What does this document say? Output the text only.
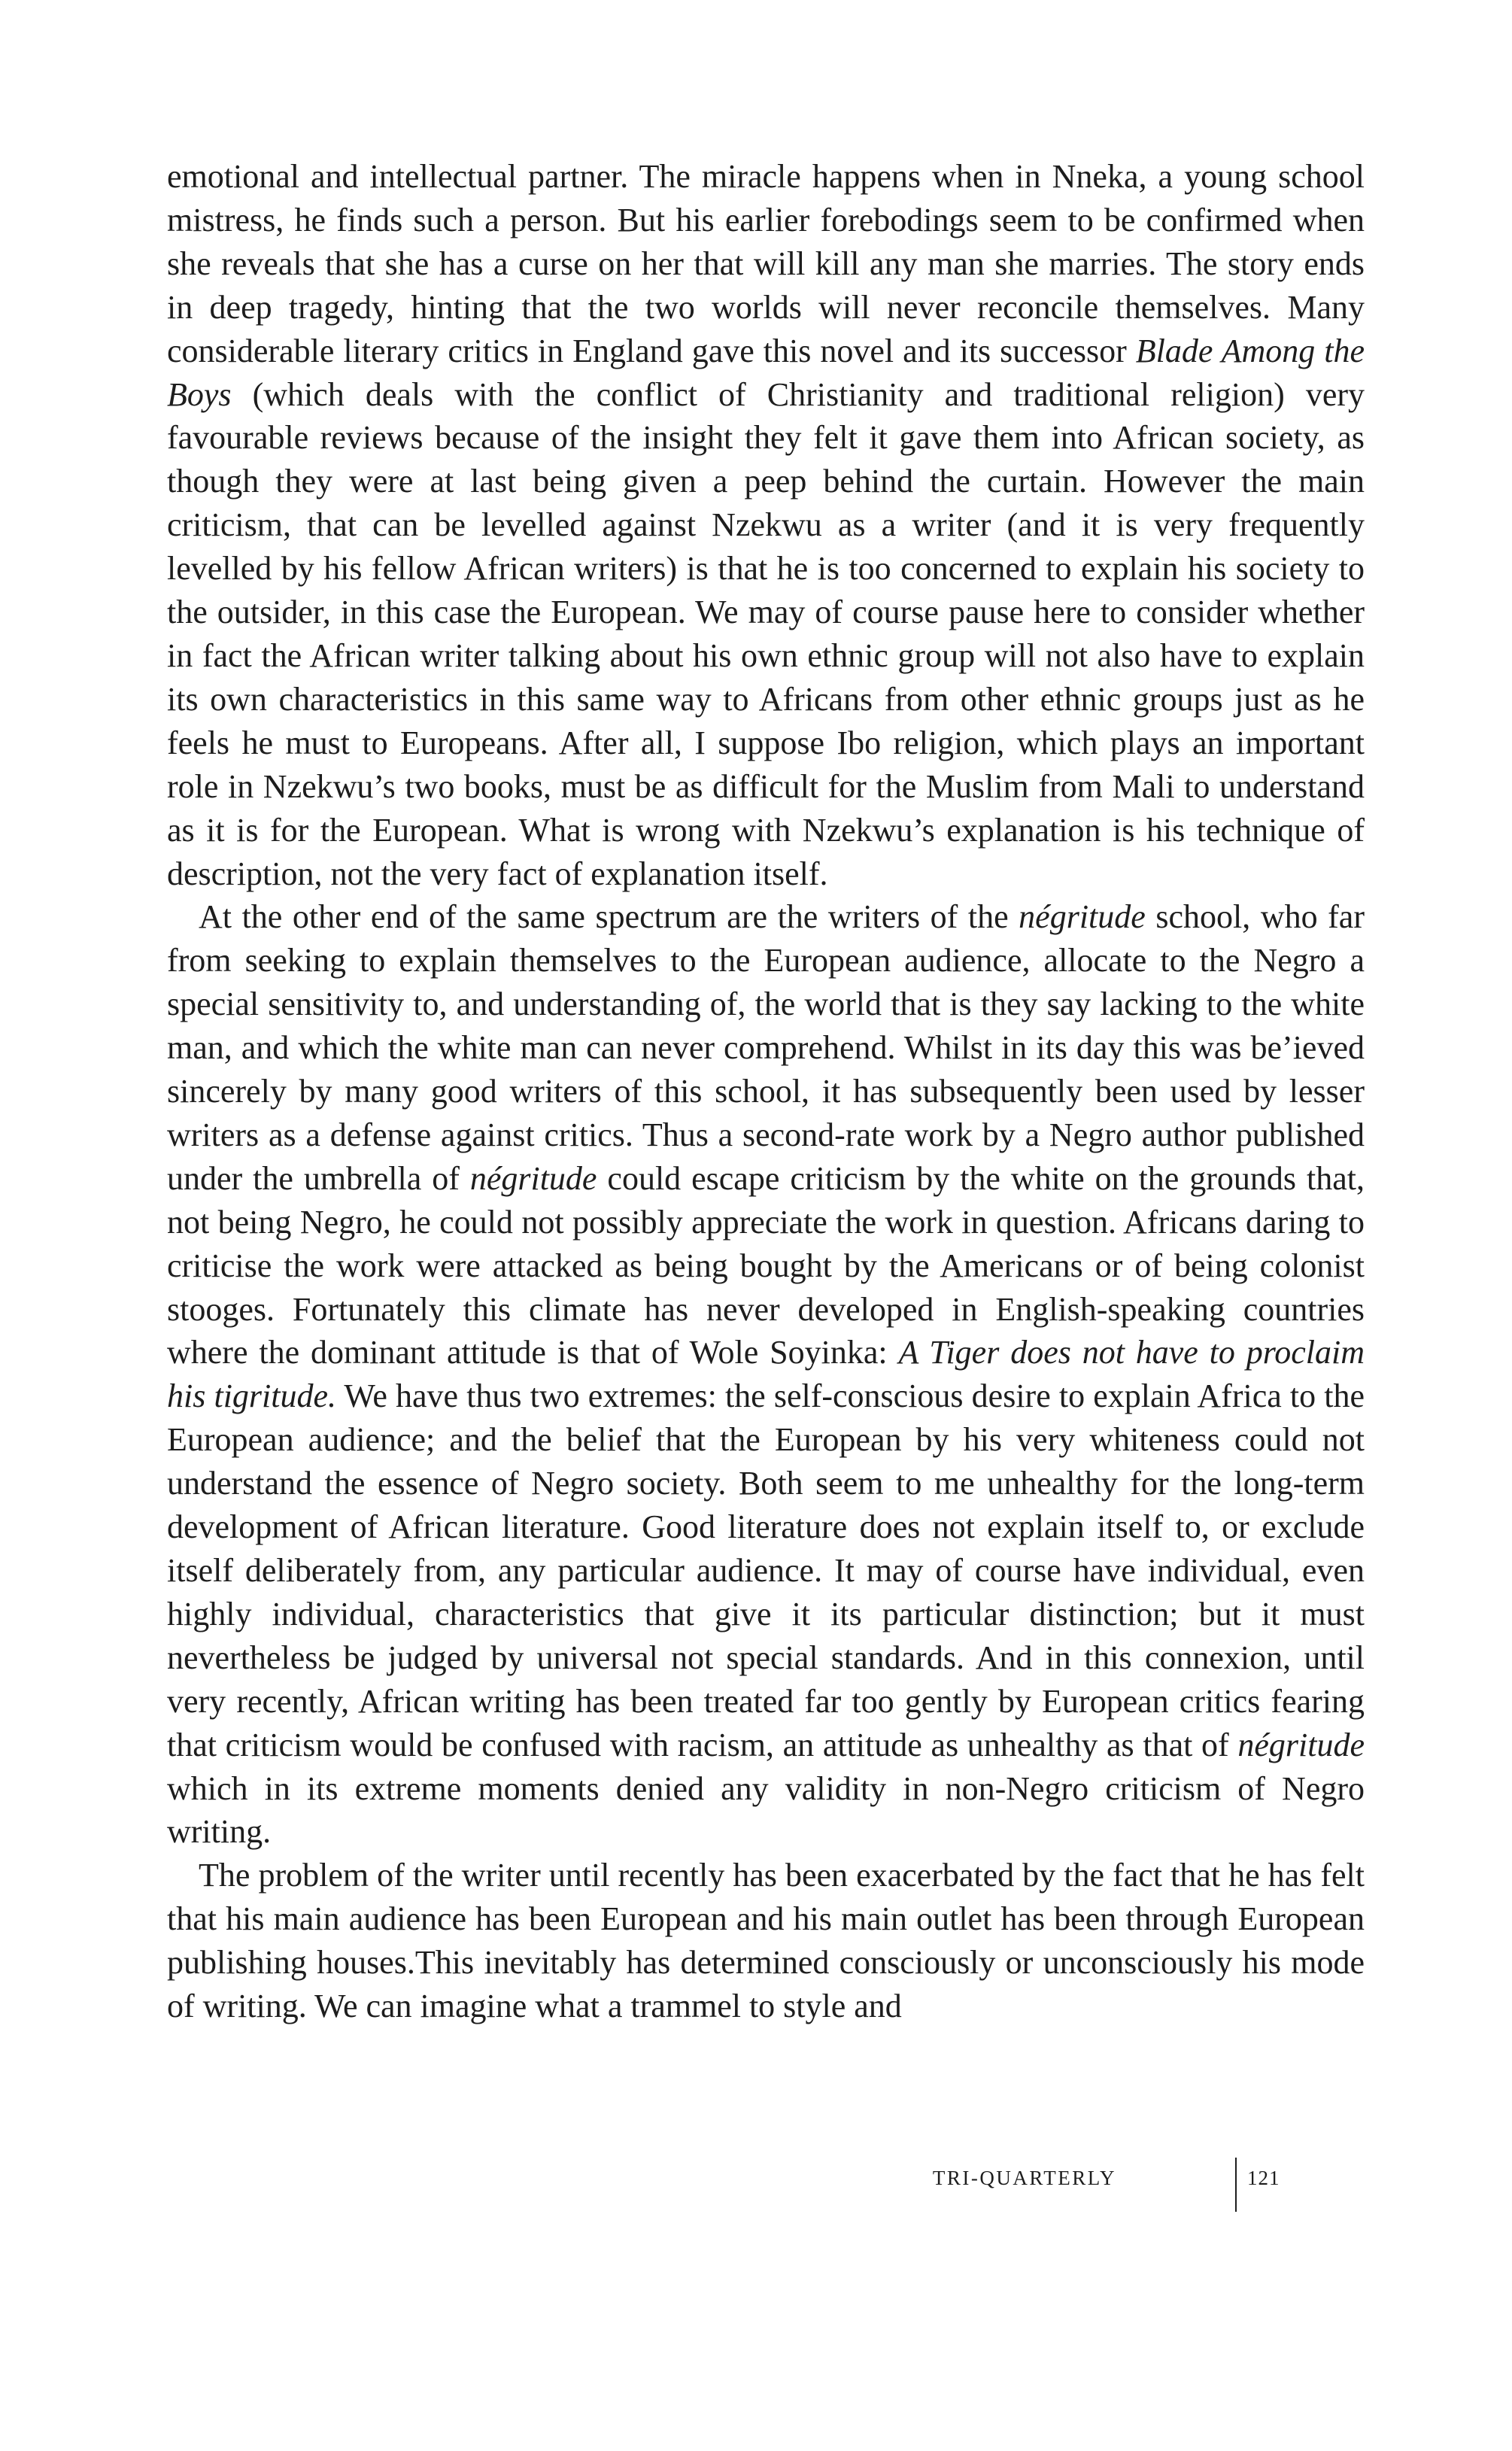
emotional and intellectual partner. The miracle happens when in Nneka, a young school mistress, he finds such a person. But his earlier forebodings seem to be confirmed when she reveals that she has a curse on her that will kill any man she marries. The story ends in deep tragedy, hinting that the two worlds will never reconcile themselves. Many considerable literary critics in England gave this novel and its successor Blade Among the Boys (which deals with the conflict of Christianity and traditional religion) very favourable reviews because of the insight they felt it gave them into African society, as though they were at last being given a peep behind the curtain. However the main criticism, that can be levelled against Nzekwu as a writer (and it is very frequently levelled by his fellow African writers) is that he is too concerned to explain his society to the outsider, in this case the European. We may of course pause here to consider whether in fact the African writer talking about his own ethnic group will not also have to explain its own characteristics in this same way to Africans from other ethnic groups just as he feels he must to Europeans. After all, I suppose Ibo religion, which plays an important role in Nzekwu’s two books, must be as difficult for the Muslim from Mali to understand as it is for the European. What is wrong with Nzekwu’s explanation is his technique of description, not the very fact of explanation itself.

At the other end of the same spectrum are the writers of the négritude school, who far from seeking to explain themselves to the European audience, allocate to the Negro a special sensitivity to, and understanding of, the world that is they say lacking to the white man, and which the white man can never comprehend. Whilst in its day this was be’ieved sincerely by many good writers of this school, it has subsequently been used by lesser writers as a defense against critics. Thus a second-rate work by a Negro author published under the umbrella of négritude could escape criticism by the white on the grounds that, not being Negro, he could not possibly appreciate the work in question. Africans daring to criticise the work were attacked as being bought by the Americans or of being colonist stooges. Fortunately this climate has never developed in English-speaking countries where the dominant attitude is that of Wole Soyinka: A Tiger does not have to proclaim his tigritude. We have thus two extremes: the self-conscious desire to explain Africa to the European audience; and the belief that the European by his very whiteness could not understand the essence of Negro society. Both seem to me unhealthy for the long-term development of African literature. Good literature does not explain itself to, or exclude itself deliberately from, any particular audience. It may of course have individual, even highly individual, characteristics that give it its particular distinction; but it must nevertheless be judged by universal not special standards. And in this connexion, until very recently, African writing has been treated far too gently by European critics fearing that criticism would be confused with racism, an attitude as unhealthy as that of négritude which in its extreme moments denied any validity in non-Negro criticism of Negro writing.

The problem of the writer until recently has been exacerbated by the fact that he has felt that his main audience has been European and his main outlet has been through European publishing houses.This inevitably has determined consciously or unconsciously his mode of writing. We can imagine what a trammel to style and

TRI-QUARTERLY	121
